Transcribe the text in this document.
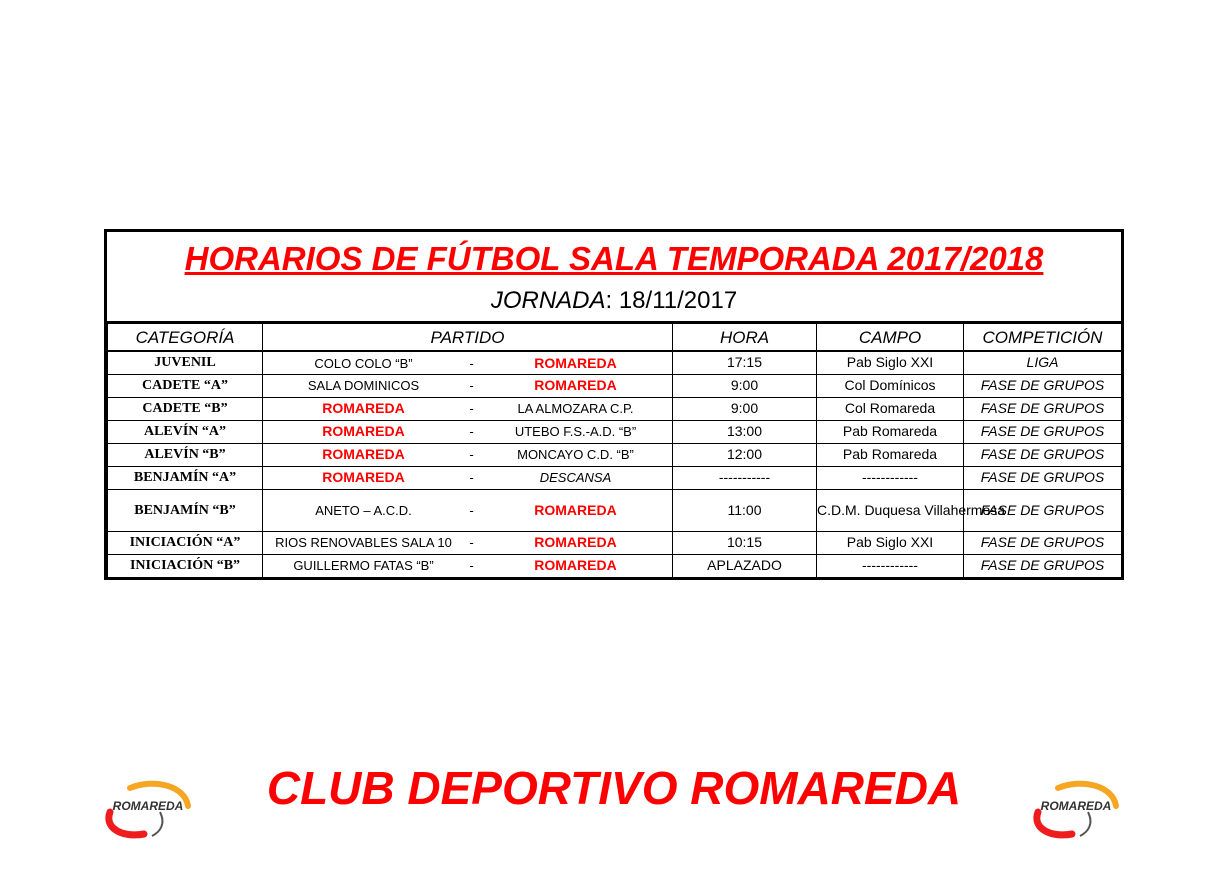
HORARIOS DE FÚTBOL SALA TEMPORADA 2017/2018
JORNADA: 18/11/2017
CATEGORÍA	PARTIDO	HORA	CAMPO	COMPETICIÓN
JUVENIL	COLO COLO “B” - ROMAREDA	17:15	Pab Siglo XXI	LIGA
CADETE “A”	SALA DOMINICOS - ROMAREDA	9:00	Col Domínicos	FASE DE GRUPOS
CADETE “B”	ROMAREDA - LA ALMOZARA C.P.	9:00	Col Romareda	FASE DE GRUPOS
ALEVÍN “A”	ROMAREDA - UTEBO F.S.-A.D. “B”	13:00	Pab Romareda	FASE DE GRUPOS
ALEVÍN “B”	ROMAREDA - MONCAYO C.D. “B”	12:00	Pab Romareda	FASE DE GRUPOS
BENJAMÍN “A”	ROMAREDA - DESCANSA	-----------	------------	FASE DE GRUPOS
BENJAMÍN “B”	ANETO – A.C.D. - ROMAREDA	11:00	C.D.M. Duquesa Villahermosa	FASE DE GRUPOS
INICIACIÓN “A”	RIOS RENOVABLES SALA 10 - ROMAREDA	10:15	Pab Siglo XXI	FASE DE GRUPOS
INICIACIÓN “B”	GUILLERMO FATAS “B” - ROMAREDA	APLAZADO	------------	FASE DE GRUPOS
ROMAREDA	CLUB DEPORTIVO ROMAREDA	ROMAREDA
